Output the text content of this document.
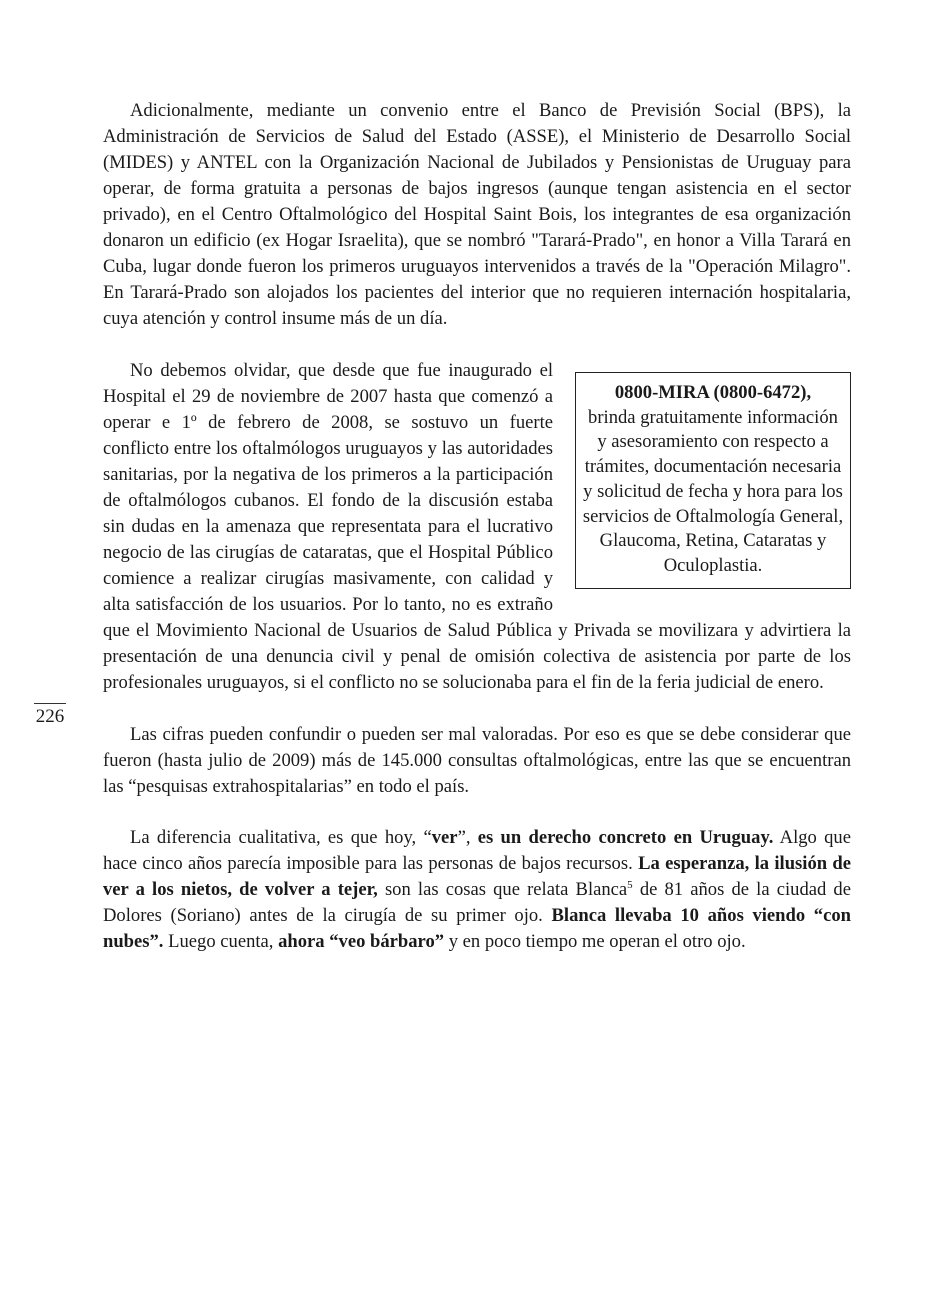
Adicionalmente, mediante un convenio entre el Banco de Previsión Social (BPS), la Administración de Servicios de Salud del Estado (ASSE), el Ministerio de Desarrollo Social (MIDES) y ANTEL con la Organización Nacional de Jubilados y Pensionistas de Uruguay para operar, de forma gratuita a personas de bajos ingresos (aunque tengan asistencia en el sector privado), en el Centro Oftalmológico del Hospital Saint Bois, los integrantes de esa organización donaron un edificio (ex Hogar Israelita), que se nombró "Tarará-Prado", en honor a Villa Tarará en Cuba, lugar donde fueron los primeros uruguayos intervenidos a través de la "Operación Milagro". En Tarará-Prado son alojados los pacientes del interior que no requieren internación hospitalaria, cuya atención y control insume más de un día.

0800-MIRA (0800-6472),
brinda gratuitamente información y asesoramiento con respecto a trámites, documentación necesaria y solicitud de fecha y hora para los servicios de Oftalmología General, Glaucoma, Retina, Cataratas y Oculoplastia.
No debemos olvidar, que desde que fue inaugurado el Hospital el 29 de noviembre de 2007 hasta que comenzó a operar e 1º de febrero de 2008, se sostuvo un fuerte conflicto entre los oftalmólogos uruguayos y las autoridades sanitarias, por la negativa de los primeros a la participación de oftalmólogos cubanos. El fondo de la discusión estaba sin dudas en la amenaza que representata para el lucrativo negocio de las cirugías de cataratas, que el Hospital Público comience a realizar cirugías masivamente, con calidad y alta satisfacción de los usuarios. Por lo tanto, no es extraño que el Movimiento Nacional de Usuarios de Salud Pública y Privada se movilizara y advirtiera la presentación de una denuncia civil y penal de omisión colectiva de asistencia por parte de los profesionales uruguayos, si el conflicto no se solucionaba para el fin de la feria judicial de enero.

Las cifras pueden confundir o pueden ser mal valoradas. Por eso es que se debe considerar que fueron (hasta julio de 2009) más de 145.000 consultas oftalmológicas, entre las que se encuentran las “pesquisas extrahospitalarias” en todo el país.

La diferencia cualitativa, es que hoy, “ver”, es un derecho concreto en Uruguay. Algo que hace cinco años parecía imposible para las personas de bajos recursos. La esperanza, la ilusión de ver a los nietos, de volver a tejer, son las cosas que relata Blanca$^5$ de 81 años de la ciudad de Dolores (Soriano) antes de la cirugía de su primer ojo. Blanca llevaba 10 años viendo “con nubes”. Luego cuenta, ahora “veo bárbaro” y en poco tiempo me operan el otro ojo.

226
